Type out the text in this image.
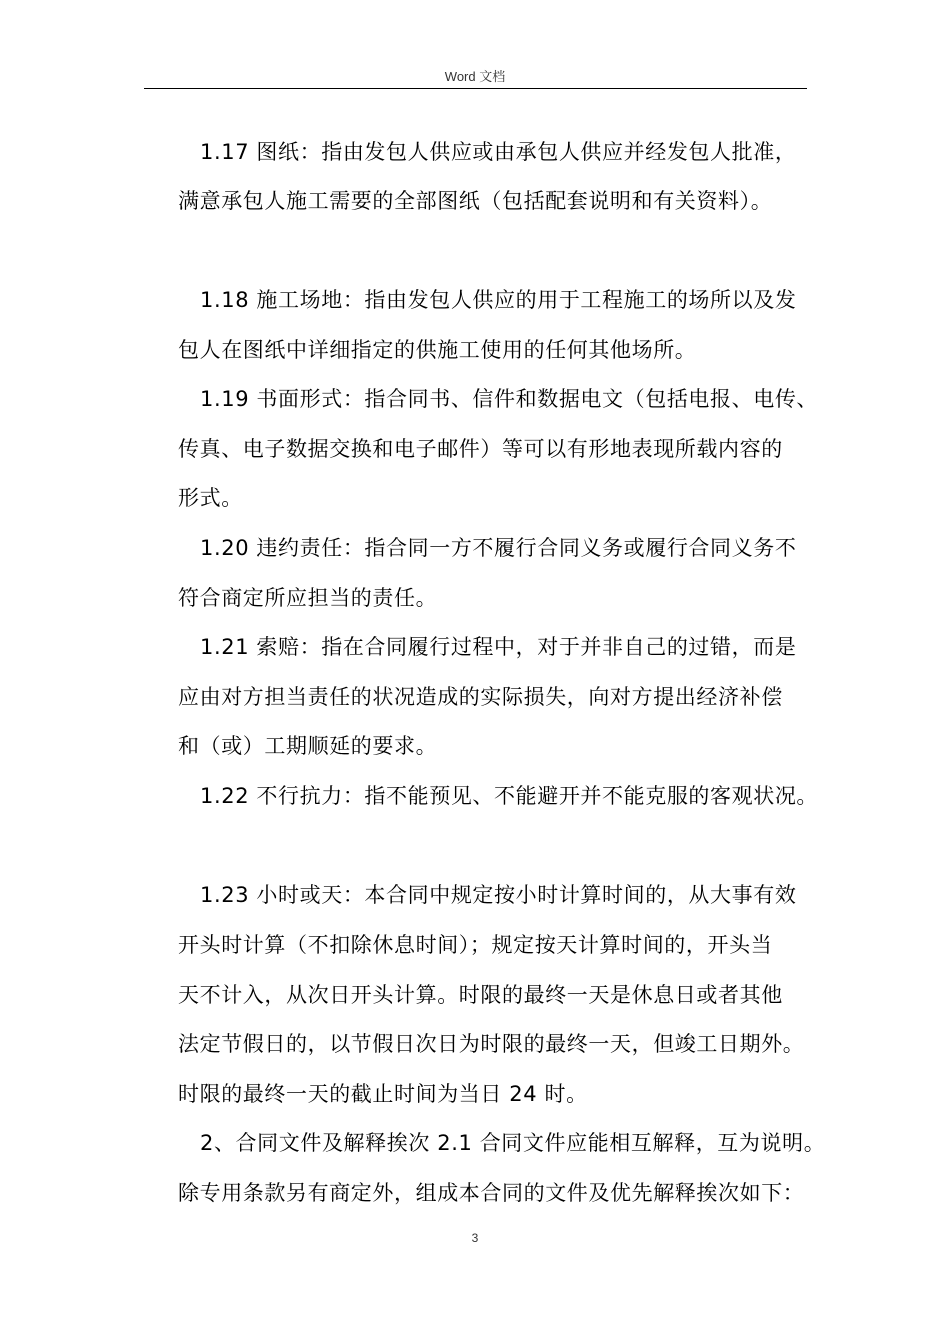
Word 文档
1.17 图纸：指由发包人供应或由承包人供应并经发包人批准，
满意承包人施工需要的全部图纸（包括配套说明和有关资料）。
1.18 施工场地：指由发包人供应的用于工程施工的场所以及发
包人在图纸中详细指定的供施工使用的任何其他场所。
1.19 书面形式：指合同书、信件和数据电文（包括电报、电传、
传真、电子数据交换和电子邮件）等可以有形地表现所载内容的
形式。
1.20 违约责任：指合同一方不履行合同义务或履行合同义务不
符合商定所应担当的责任。
1.21 索赔：指在合同履行过程中，对于并非自己的过错，而是
应由对方担当责任的状况造成的实际损失，向对方提出经济补偿
和（或）工期顺延的要求。
1.22 不行抗力：指不能预见、不能避开并不能克服的客观状况。
1.23 小时或天：本合同中规定按小时计算时间的，从大事有效
开头时计算（不扣除休息时间）；规定按天计算时间的，开头当
天不计入，从次日开头计算。时限的最终一天是休息日或者其他
法定节假日的，以节假日次日为时限的最终一天，但竣工日期外。
时限的最终一天的截止时间为当日 24 时。
2、合同文件及解释挨次 2.1 合同文件应能相互解释，互为说明。
除专用条款另有商定外，组成本合同的文件及优先解释挨次如下：
3
